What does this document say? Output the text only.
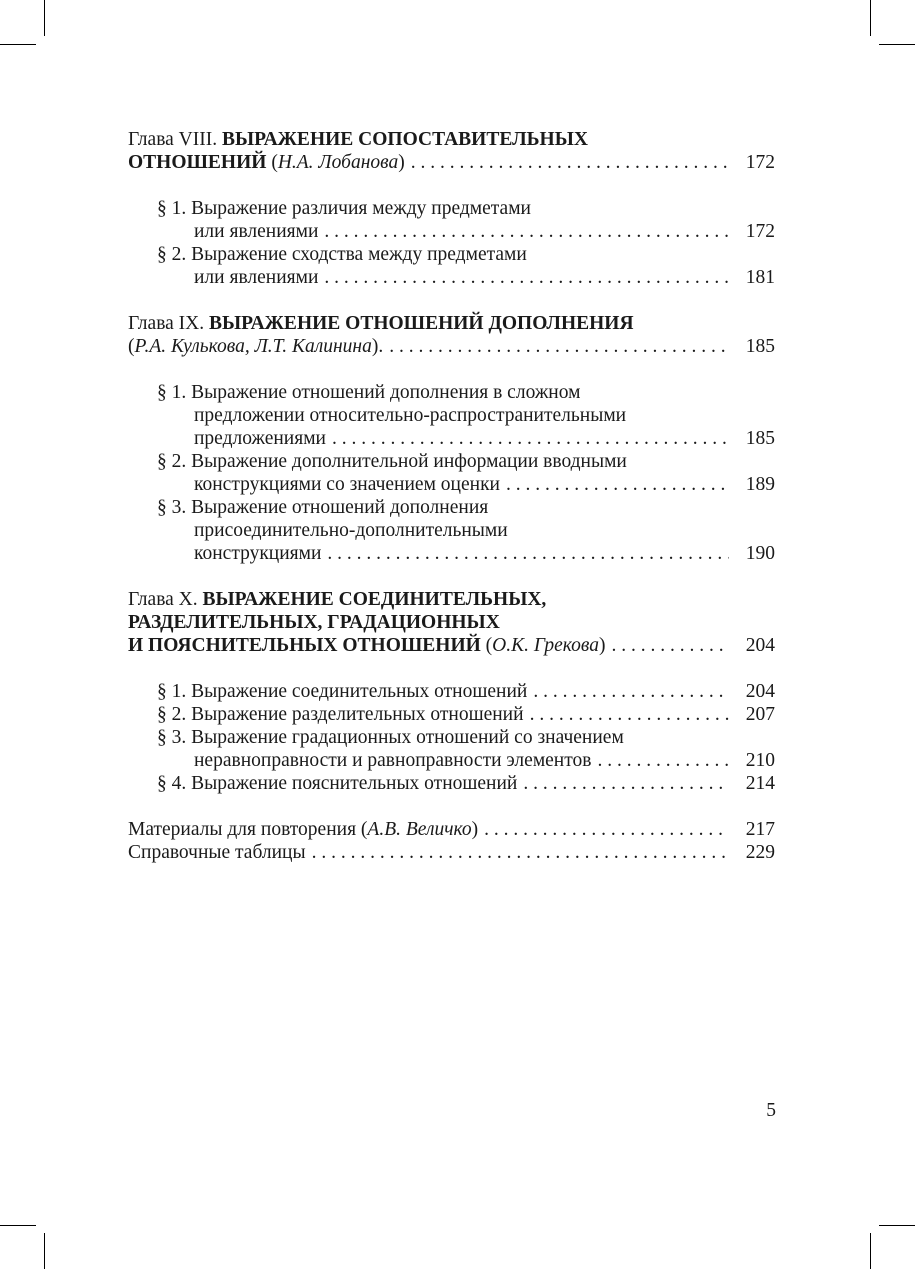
Глава VIII. ВЫРАЖЕНИЕ СОПОСТАВИТЕЛЬНЫХ
ОТНОШЕНИЙ (Н.А. Лобанова) . . .	172
§ 1. Выражение различия между предметами
или явлениями . . .	172
§ 2. Выражение сходства между предметами
или явлениями . . .	181
Глава IX. ВЫРАЖЕНИЕ ОТНОШЕНИЙ ДОПОЛНЕНИЯ
(Р.А. Кулькова, Л.Т. Калинина). . . .	185
§ 1. Выражение отношений дополнения в сложном
предложении относительно-распространительными
предложениями . . .	185
§ 2. Выражение дополнительной информации вводными
конструкциями со значением оценки . . .	189
§ 3. Выражение отношений дополнения
присоединительно-дополнительными
конструкциями . . .	190
Глава X. ВЫРАЖЕНИЕ СОЕДИНИТЕЛЬНЫХ,
РАЗДЕЛИТЕЛЬНЫХ, ГРАДАЦИОННЫХ
И ПОЯСНИТЕЛЬНЫХ ОТНОШЕНИЙ (О.К. Грекова) . . .	204
§ 1. Выражение соединительных отношений . . .	204
§ 2. Выражение разделительных отношений . . .	207
§ 3. Выражение градационных отношений со значением
неравноправности и равноправности элементов . . .	210
§ 4. Выражение пояснительных отношений . . .	214
Материалы для повторения (А.В. Величко) . . .	217
Справочные таблицы . . .	229
5
